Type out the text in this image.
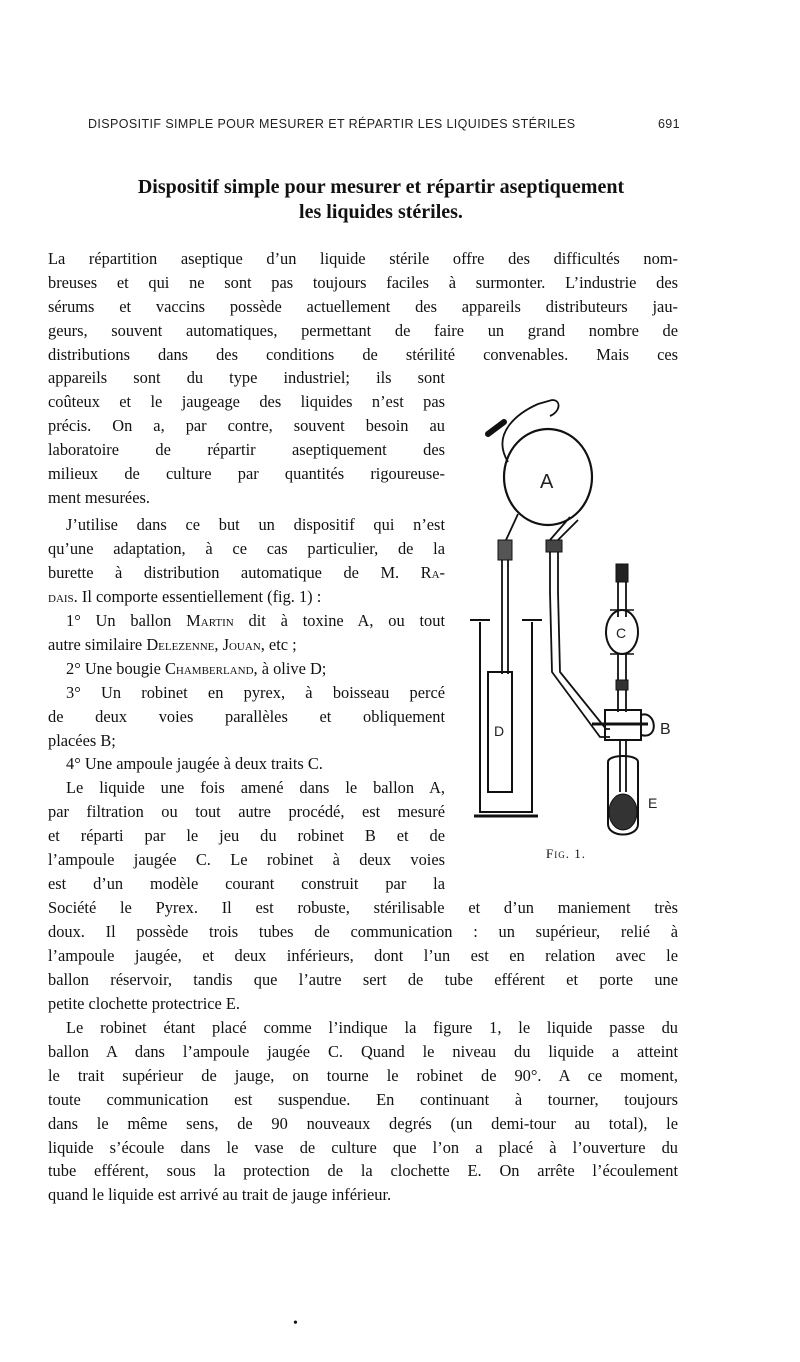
DISPOSITIF SIMPLE POUR MESURER ET RÉPARTIR LES LIQUIDES STÉRILES	691
Dispositif simple pour mesurer et répartir aseptiquement
les liquides stériles.
La répartition aseptique d’un liquide stérile offre des difficultés nom-
breuses et qui ne sont pas toujours faciles à surmonter. L’industrie des
sérums et vaccins possède actuellement des appareils distributeurs jau-
geurs, souvent automatiques, permettant de faire un grand nombre de
distributions dans des conditions de stérilité convenables. Mais ces
appareils sont du type industriel; ils sont
coûteux et le jaugeage des liquides n’est pas
précis. On a, par contre, souvent besoin au
laboratoire de répartir aseptiquement des
milieux de culture par quantités rigoureuse-
ment mesurées.
J’utilise dans ce but un dispositif qui n’est
qu’une adaptation, à ce cas particulier, de la
burette à distribution automatique de M. Ra-
dais. Il comporte essentiellement (fig. 1) :
1° Un ballon Martin dit à toxine A, ou tout
autre similaire Delezenne, Jouan, etc ;
2° Une bougie Chamberland, à olive D;
3° Un robinet en pyrex, à boisseau percé
de deux voies parallèles et obliquement
placées B;
4° Une ampoule jaugée à deux traits C.
Le liquide une fois amené dans le ballon A,
par filtration ou tout autre procédé, est mesuré
et réparti par le jeu du robinet B et de
l’ampoule jaugée C. Le robinet à deux voies
est d’un modèle courant construit par la
Société le Pyrex. Il est robuste, stérilisable et d’un maniement très
doux. Il possède trois tubes de communication : un supérieur, relié à
l’ampoule jaugée, et deux inférieurs, dont l’un est en relation avec le
ballon réservoir, tandis que l’autre sert de tube efférent et porte une
petite clochette protectrice E.
Le robinet étant placé comme l’indique la figure 1, le liquide passe du
ballon A dans l’ampoule jaugée C. Quand le niveau du liquide a atteint
le trait supérieur de jauge, on tourne le robinet de 90°. A ce moment,
toute communication est suspendue. En continuant à tourner, toujours
dans le même sens, de 90 nouveaux degrés (un demi-tour au total), le
liquide s’écoule dans le vase de culture que l’on a placé à l’ouverture du
tube efférent, sous la protection de la clochette E. On arrête l’écoulement
quand le liquide est arrivé au trait de jauge inférieur.
A
B
C
D
E
Fig. 1.
•
